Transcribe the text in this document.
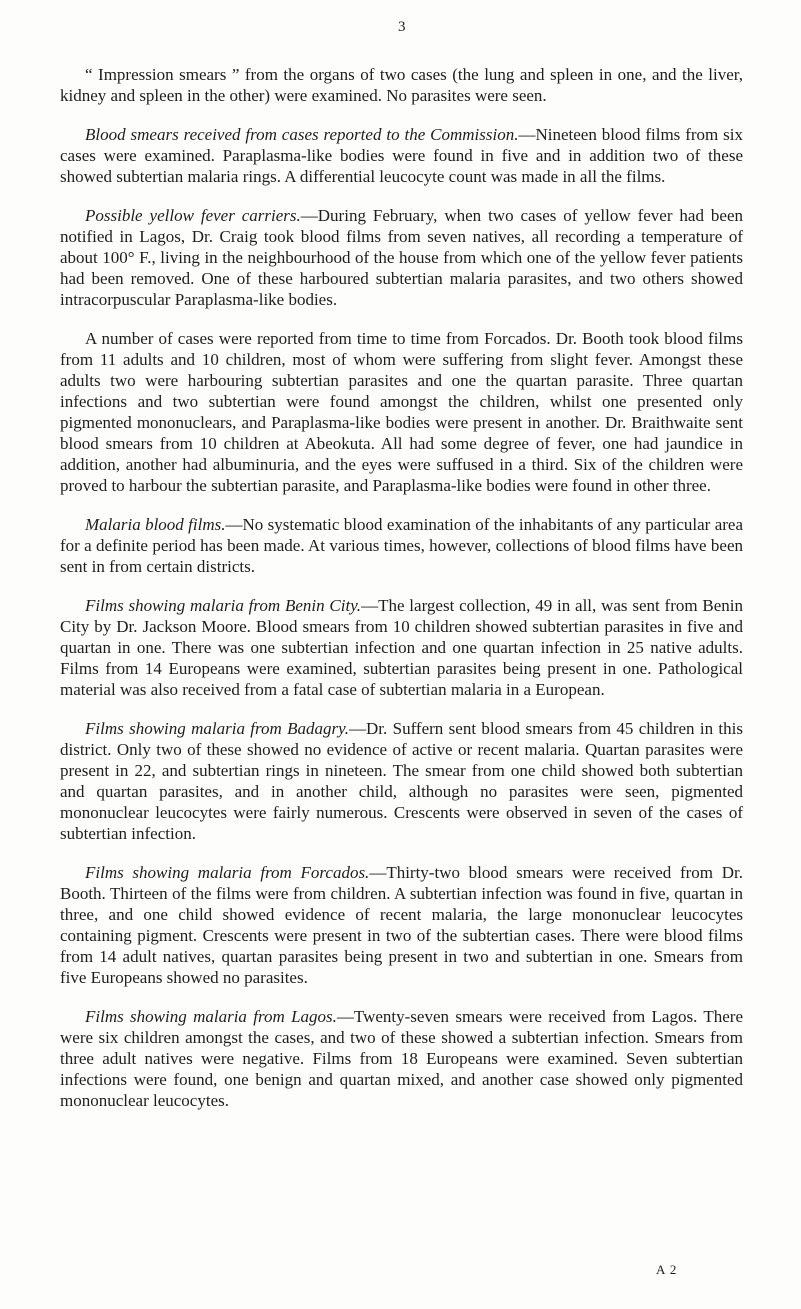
3

“ Impression smears ” from the organs of two cases (the lung and spleen in one, and the liver, kidney and spleen in the other) were examined. No parasites were seen.

Blood smears received from cases reported to the Commission.—Nineteen blood films from six cases were examined. Paraplasma-like bodies were found in five and in addition two of these showed subtertian malaria rings. A differential leucocyte count was made in all the films.

Possible yellow fever carriers.—During February, when two cases of yellow fever had been notified in Lagos, Dr. Craig took blood films from seven natives, all recording a temperature of about 100° F., living in the neighbourhood of the house from which one of the yellow fever patients had been removed. One of these harboured subtertian malaria parasites, and two others showed intracorpuscular Paraplasma-like bodies.

A number of cases were reported from time to time from Forcados. Dr. Booth took blood films from 11 adults and 10 children, most of whom were suffering from slight fever. Amongst these adults two were harbouring subtertian parasites and one the quartan parasite. Three quartan infections and two subtertian were found amongst the children, whilst one presented only pigmented mononuclears, and Paraplasma-like bodies were present in another. Dr. Braithwaite sent blood smears from 10 children at Abeokuta. All had some degree of fever, one had jaundice in addition, another had albuminuria, and the eyes were suffused in a third. Six of the children were proved to harbour the subtertian parasite, and Paraplasma-like bodies were found in other three.

Malaria blood films.—No systematic blood examination of the inhabitants of any particular area for a definite period has been made. At various times, however, collections of blood films have been sent in from certain districts.

Films showing malaria from Benin City.—The largest collection, 49 in all, was sent from Benin City by Dr. Jackson Moore. Blood smears from 10 children showed subtertian parasites in five and quartan in one. There was one subtertian infection and one quartan infection in 25 native adults. Films from 14 Europeans were examined, subtertian parasites being present in one. Pathological material was also received from a fatal case of subtertian malaria in a European.

Films showing malaria from Badagry.—Dr. Suffern sent blood smears from 45 children in this district. Only two of these showed no evidence of active or recent malaria. Quartan parasites were present in 22, and subtertian rings in nineteen. The smear from one child showed both subtertian and quartan parasites, and in another child, although no parasites were seen, pigmented mononuclear leucocytes were fairly numerous. Crescents were observed in seven of the cases of subtertian infection.

Films showing malaria from Forcados.—Thirty-two blood smears were received from Dr. Booth. Thirteen of the films were from children. A subtertian infection was found in five, quartan in three, and one child showed evidence of recent malaria, the large mononuclear leucocytes containing pigment. Crescents were present in two of the subtertian cases. There were blood films from 14 adult natives, quartan parasites being present in two and subtertian in one. Smears from five Europeans showed no parasites.

Films showing malaria from Lagos.—Twenty-seven smears were received from Lagos. There were six children amongst the cases, and two of these showed a subtertian infection. Smears from three adult natives were negative. Films from 18 Europeans were examined. Seven subtertian infections were found, one benign and quartan mixed, and another case showed only pigmented mononuclear leucocytes.

A 2
